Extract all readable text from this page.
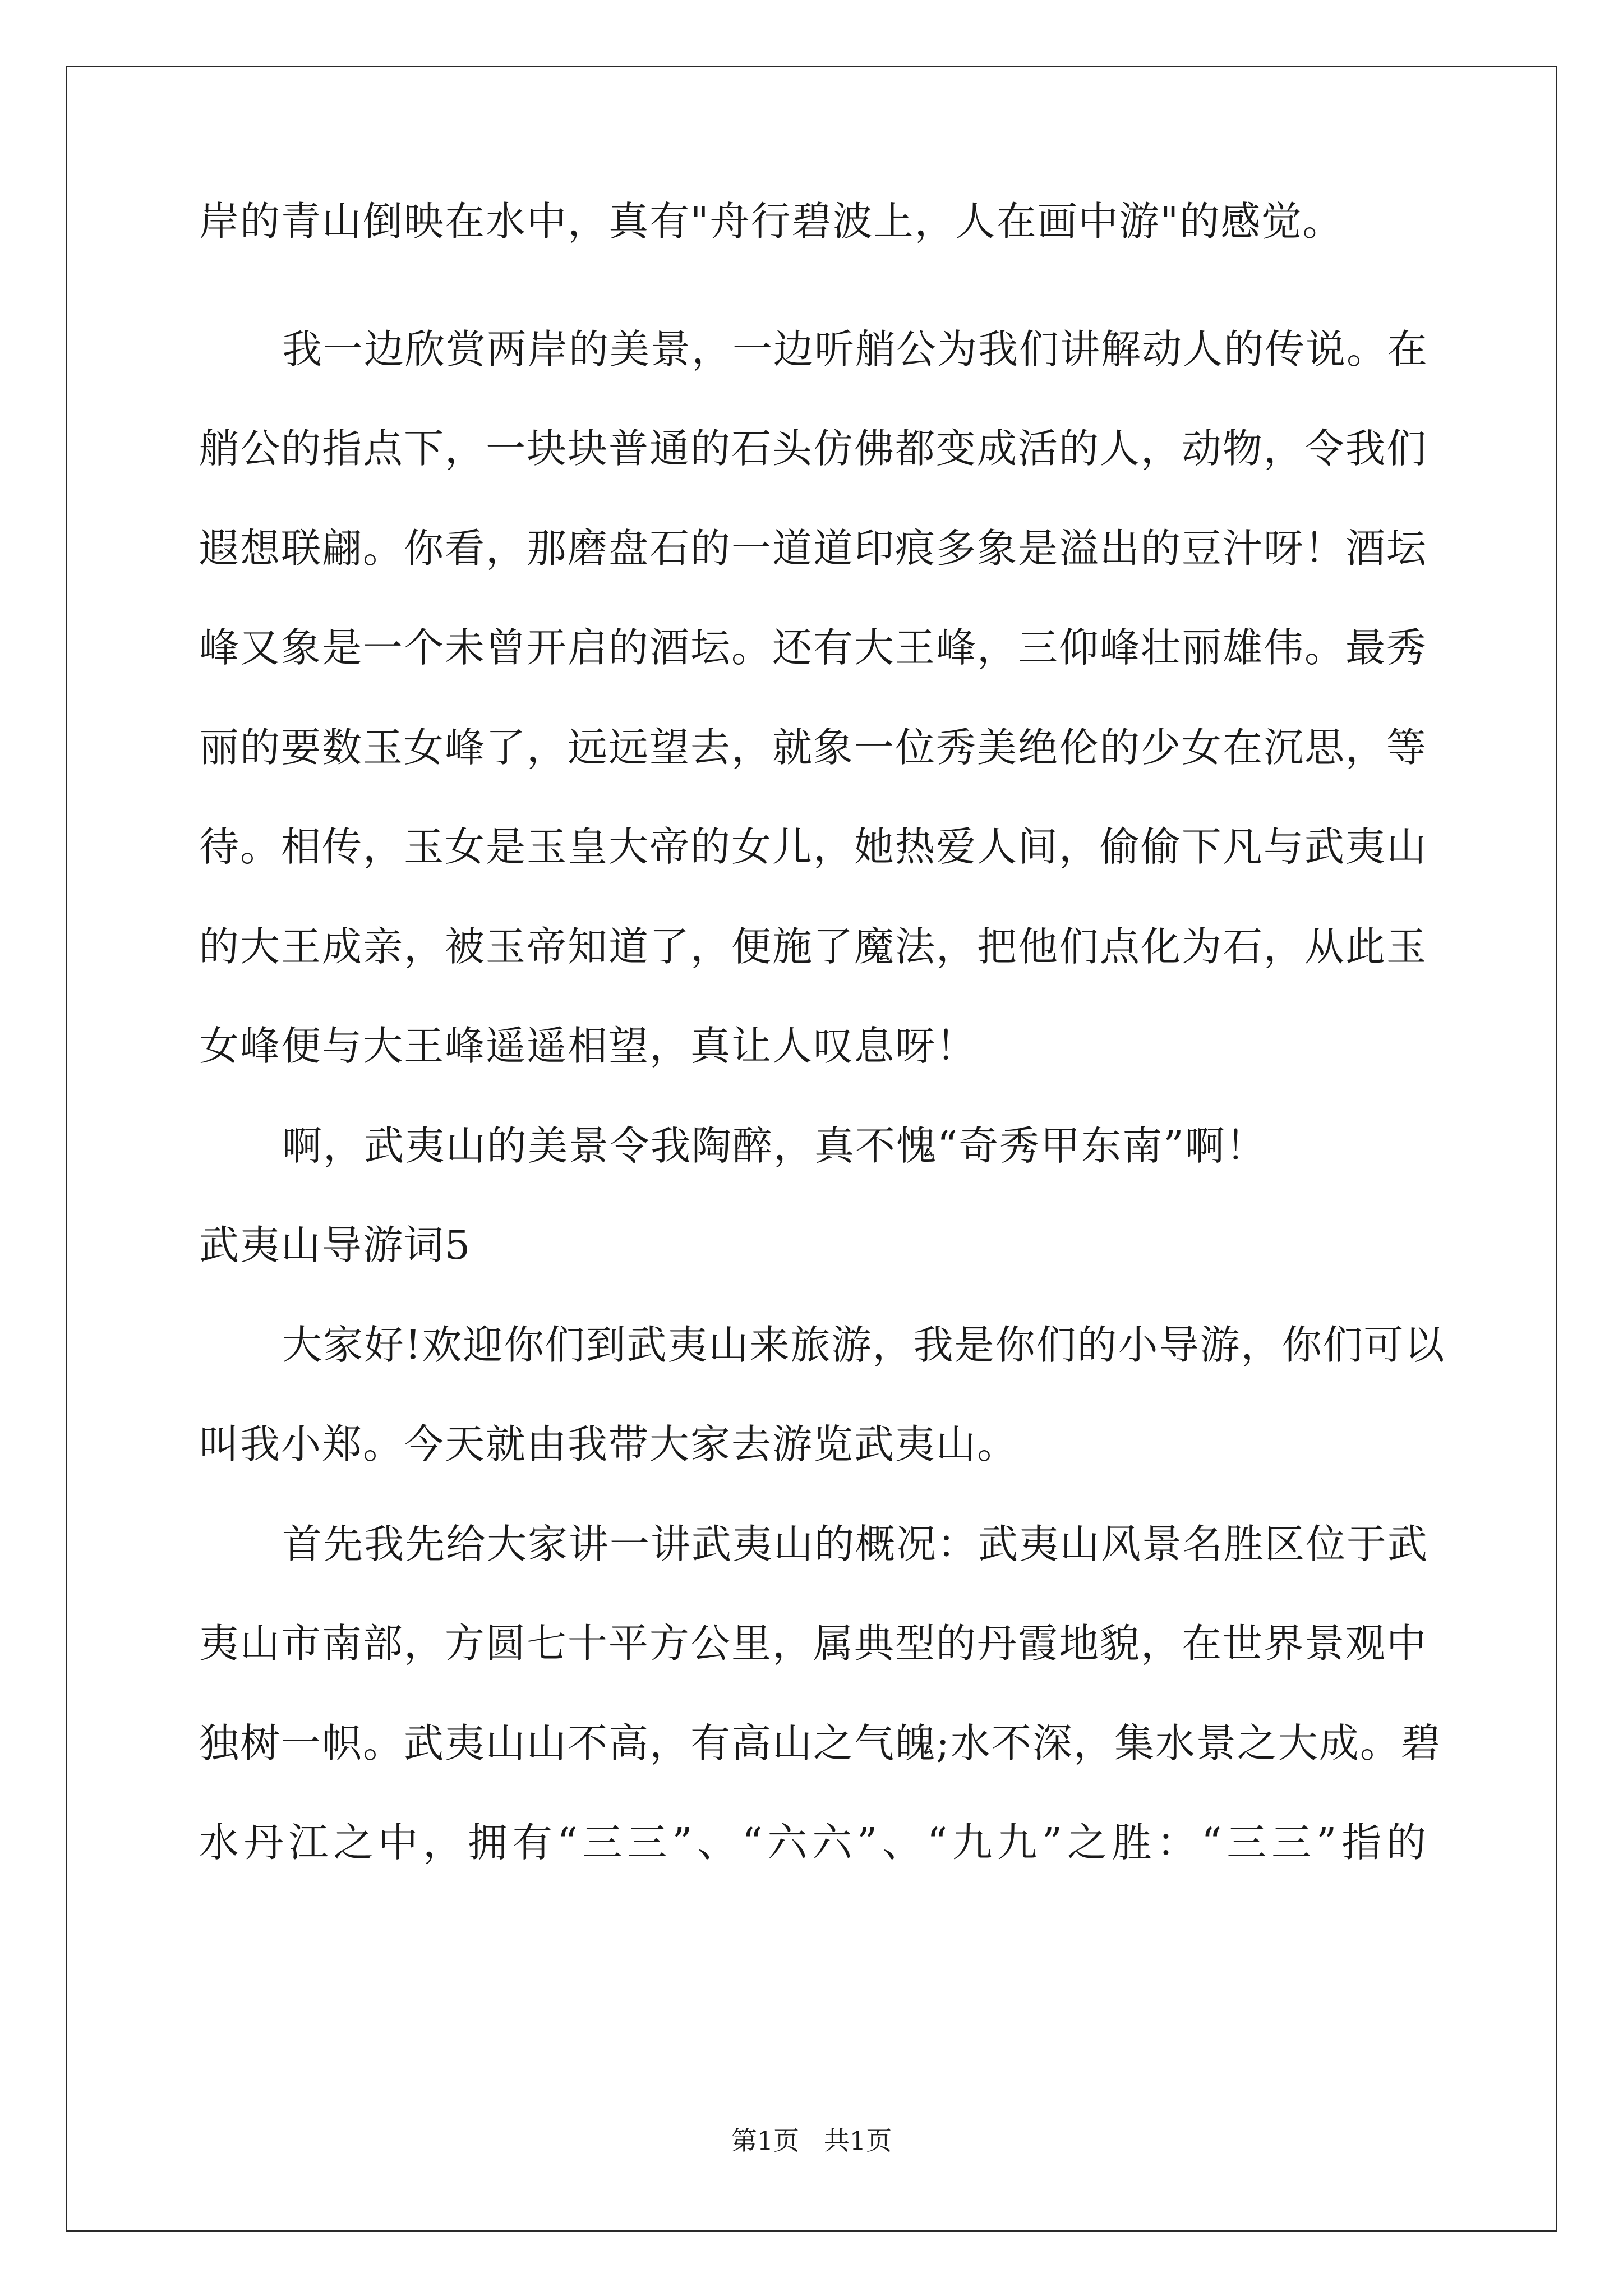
岸的青山倒映在水中，真有"舟行碧波上，人在画中游"的感觉。
我一边欣赏两岸的美景，一边听艄公为我们讲解动人的传说。在
艄公的指点下，一块块普通的石头仿佛都变成活的人，动物，令我们
遐想联翩。你看，那磨盘石的一道道印痕多象是溢出的豆汁呀！酒坛
峰又象是一个未曾开启的酒坛。还有大王峰，三仰峰壮丽雄伟。最秀
丽的要数玉女峰了，远远望去，就象一位秀美绝伦的少女在沉思，等
待。相传，玉女是玉皇大帝的女儿，她热爱人间，偷偷下凡与武夷山
的大王成亲，被玉帝知道了，便施了魔法，把他们点化为石，从此玉
女峰便与大王峰遥遥相望，真让人叹息呀！
啊，武夷山的美景令我陶醉，真不愧“奇秀甲东南”啊！
武夷山导游词5
大家好!欢迎你们到武夷山来旅游，我是你们的小导游，你们可以
叫我小郑。今天就由我带大家去游览武夷山。
首先我先给大家讲一讲武夷山的概况：武夷山风景名胜区位于武
夷山市南部，方圆七十平方公里，属典型的丹霞地貌，在世界景观中
独树一帜。武夷山山不高，有高山之气魄;水不深，集水景之大成。碧
水丹江之中，拥有“三三”、“六六”、“九九”之胜：“三三”指的
第1页   共1页
